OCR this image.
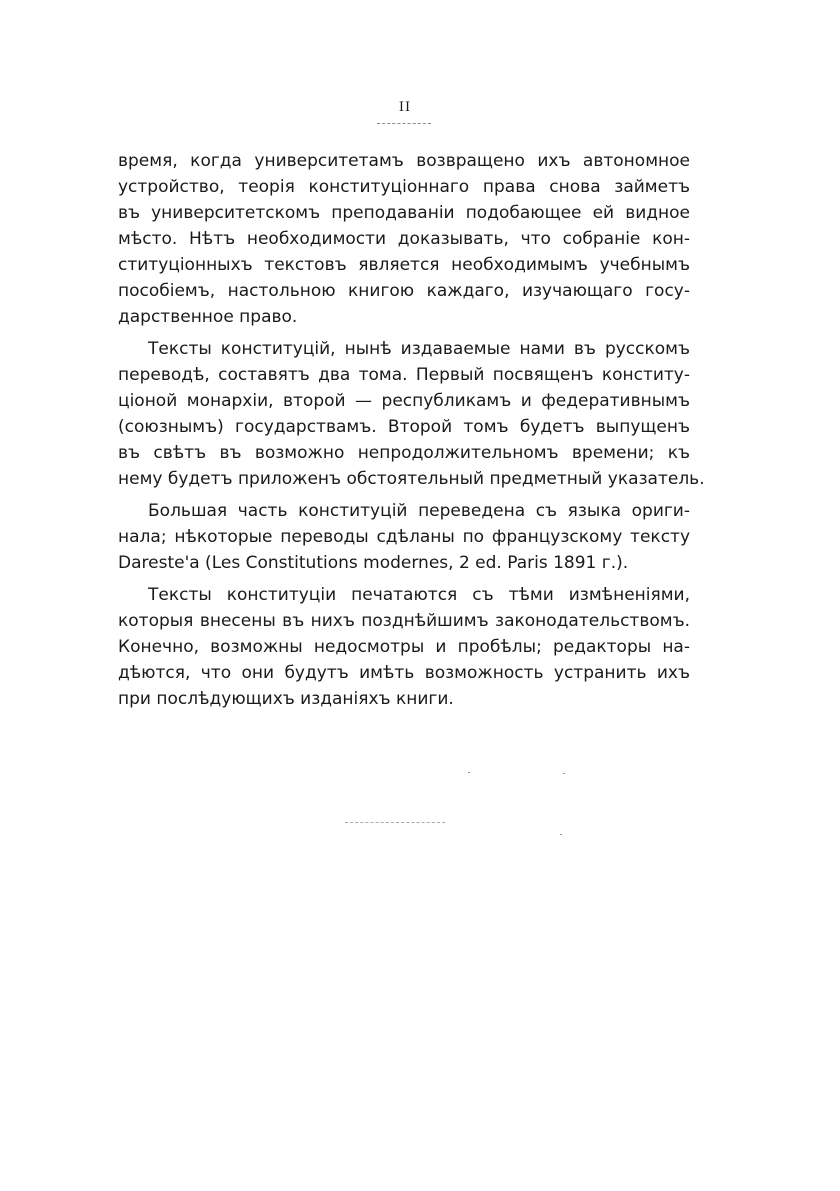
II
время, когда университетамъ возвращено ихъ автономное
устройство, теорія конституціоннаго права снова займетъ
въ университетскомъ преподаваніи подобающее ей видное
мѣсто. Нѣтъ необходимости доказывать, что собраніе кон-
ституціонныхъ текстовъ является необходимымъ учебнымъ
пособіемъ, настольною книгою каждаго, изучающаго госу-
дарственное право.
Тексты конституцій, нынѣ издаваемые нами въ русскомъ
переводѣ, составятъ два тома. Первый посвященъ конститу-
ціоной монархіи, второй — республикамъ и федеративнымъ
(союзнымъ) государствамъ. Второй томъ будетъ выпущенъ
въ свѣтъ въ возможно непродолжительномъ времени; къ
нему будетъ приложенъ обстоятельный предметный указатель.
Большая часть конституцій переведена съ языка ориги-
нала; нѣкоторые переводы сдѣланы по французскому тексту
Dareste'a (Les Constitutions modernes, 2 ed. Paris 1891 г.).
Тексты конституціи печатаются съ тѣми измѣненіями,
которыя внесены въ нихъ позднѣйшимъ законодательствомъ.
Конечно, возможны недосмотры и пробѣлы; редакторы на-
дѣются, что они будутъ имѣть возможность устранить ихъ
при послѣдующихъ изданіяхъ книги.
